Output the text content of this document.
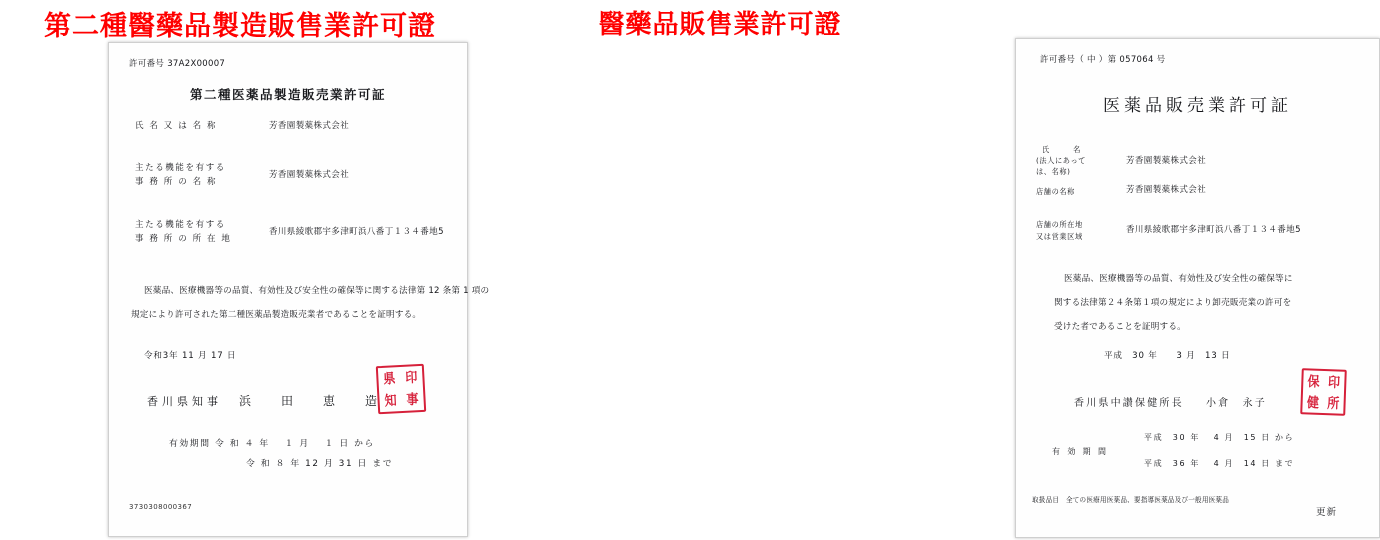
第二種醫藥品製造販售業許可證
許可番号 37A2X00007
第二種医薬品製造販売業許可証
氏 名 又 は 名 称	芳香園製薬株式会社
主たる機能を有する
事 務 所 の 名 称
芳香園製薬株式会社
主たる機能を有する
事 務 所 の 所 在 地
香川県綾歌郡宇多津町浜八番丁１３４番地5
医薬品、医療機器等の品質、有効性及び安全性の確保等に関する法律第 12 条第 1 項の
規定により許可された第二種医薬品製造販売業者であることを証明する。
令和3年 11 月 17 日
香川県知事 浜　田　恵　造
県 印
知 事
有効期間 令 和 ４ 年 　１ 月 　１ 日 から
令 和 ８ 年 12 月 31 日 まで
3730308000367
醫藥品販售業許可證
許可番号（ 中 ）第 057064 号
医薬品販売業許可証
氏　　　名
(法人にあって
は、名称)
芳香園製薬株式会社
店舗の名称	芳香園製薬株式会社
店舗の所在地
又は営業区域
香川県綾歌郡宇多津町浜八番丁１３４番地5
医薬品、医療機器等の品質、有効性及び安全性の確保等に
関する法律第２４条第１項の規定により卸売販売業の許可を
受けた者であることを証明する。
平成　30 年　　3 月　13 日
香川県中讃保健所長 小倉　永子
保 印
健 所
有 効 期 間
平成　30 年　 4 月　15 日 から
平成　36 年　 4 月　14 日 まで
取扱品目　全ての医療用医薬品、要指導医薬品及び一般用医薬品
更新
